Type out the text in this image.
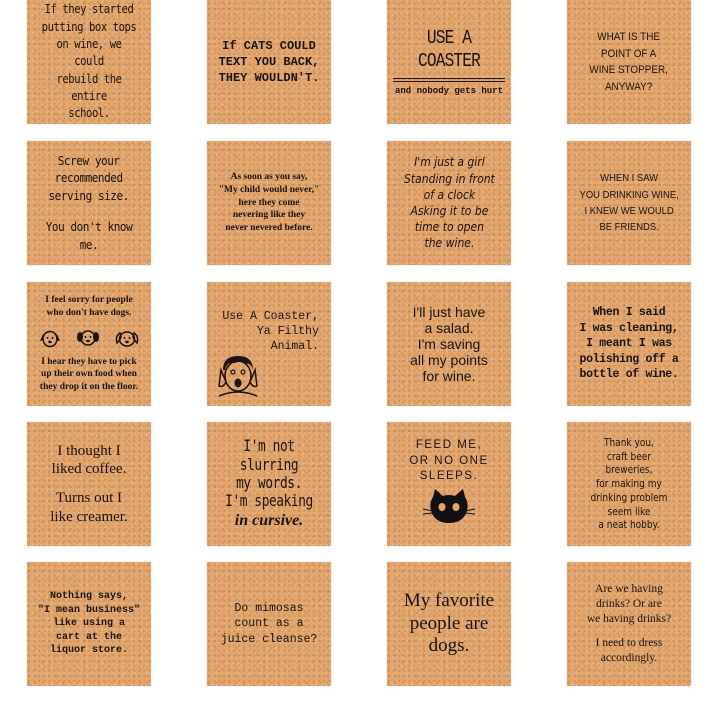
If they started
putting box tops
on wine, we could
rebuild the entire
school.
If CATS COULD
TEXT YOU BACK,
THEY WOULDN'T.
USE A COASTER
and nobody gets hurt
WHAT IS THE
POINT OF A
WINE STOPPER,
ANYWAY?
Screw your
recommended
serving size.
You don't know me.
As soon as you say,
"My child would never,"
here they come
nevering like they
never nevered before.
I'm just a girl
Standing in front
of a clock
Asking it to be
time to open
the wine.
WHEN I SAW
YOU DRINKING WINE,
I KNEW WE WOULD
BE FRIENDS.
I feel sorry for people
who don't have dogs.
I hear they have to pick
up their own food when
they drop it on the floor.
Use A Coaster,
Ya Filthy
Animal.
I'll just have
a salad.
I'm saving
all my points
for wine.
When I said
I was cleaning,
I meant I was
polishing off a
bottle of wine.
I thought I
liked coffee.
Turns out I
like creamer.
I'm not slurring
my words.
I'm speaking
in cursive.
FEED ME,
OR NO ONE
SLEEPS.
Thank you,
craft beer
breweries,
for making my
drinking problem
seem like
a neat hobby.
Nothing says,
"I mean business"
like using a
cart at the
liquor store.
Do mimosas
count as a
juice cleanse?
My favorite
people are
dogs.
Are we having
drinks? Or are
we having drinks?
I need to dress
accordingly.
